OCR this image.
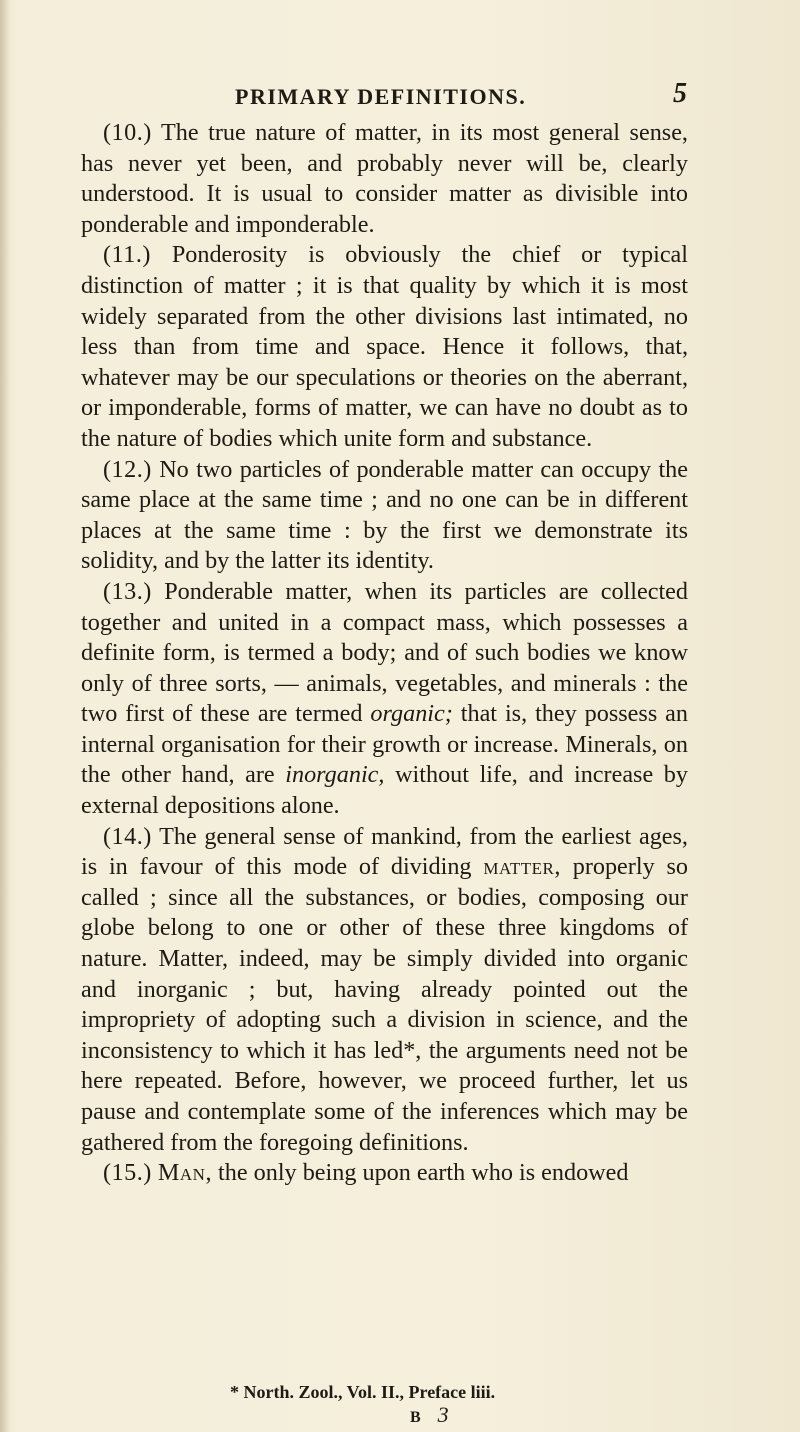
PRIMARY DEFINITIONS.	5

(10.) The true nature of matter, in its most general sense, has never yet been, and probably never will be, clearly understood. It is usual to consider matter as divisible into ponderable and imponderable.

(11.) Ponderosity is obviously the chief or typical distinction of matter ; it is that quality by which it is most widely separated from the other divisions last intimated, no less than from time and space. Hence it follows, that, whatever may be our speculations or theories on the aberrant, or imponderable, forms of matter, we can have no doubt as to the nature of bodies which unite form and substance.

(12.) No two particles of ponderable matter can occupy the same place at the same time ; and no one can be in different places at the same time : by the first we demonstrate its solidity, and by the latter its identity.

(13.) Ponderable matter, when its particles are collected together and united in a compact mass, which possesses a definite form, is termed a body; and of such bodies we know only of three sorts, — animals, vegetables, and minerals : the two first of these are termed organic; that is, they possess an internal organisation for their growth or increase. Minerals, on the other hand, are inorganic, without life, and increase by external depositions alone.

(14.) The general sense of mankind, from the earliest ages, is in favour of this mode of dividing matter, properly so called ; since all the substances, or bodies, composing our globe belong to one or other of these three kingdoms of nature. Matter, indeed, may be simply divided into organic and inorganic ; but, having already pointed out the impropriety of adopting such a division in science, and the inconsistency to which it has led*, the arguments need not be here repeated. Before, however, we proceed further, let us pause and contemplate some of the inferences which may be gathered from the foregoing definitions.

(15.) Man, the only being upon earth who is endowed

* North. Zool., Vol. II., Preface liii.
B 3
